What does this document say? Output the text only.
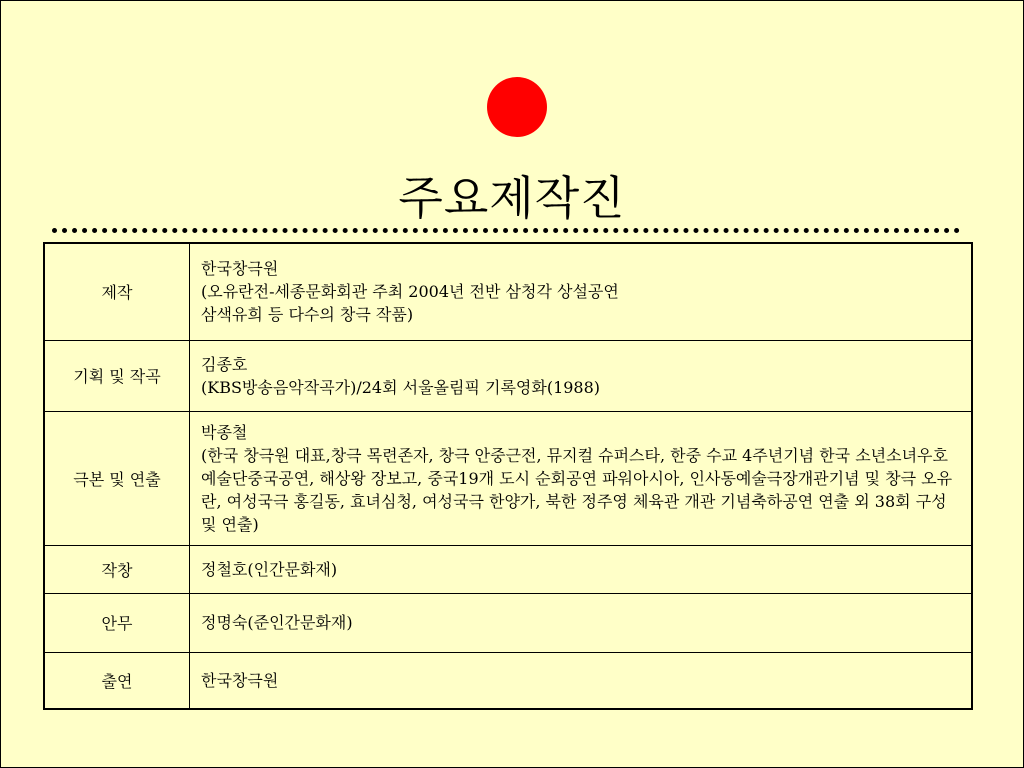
주요제작진
제작	한국창극원
(오유란전-세종문화회관 주최 2004년 전반 삼청각 상설공연
삼색유희 등 다수의 창극 작품)

기획 및 작곡	김종호
(KBS방송음악작곡가)/24회 서울올림픽 기록영화(1988)

극본 및 연출	박종철
(한국 창극원 대표,창극 목련존자, 창극 안중근전, 뮤지컬 슈퍼스타, 한중 수교 4주년기념 한국 소년소녀우호예술단중국공연, 해상왕 장보고, 중국19개 도시 순회공연 파워아시아, 인사동예술극장개관기념 및 창극 오유란, 여성국극 홍길동, 효녀심청, 여성국극 한양가, 북한 정주영 체육관 개관 기념축하공연 연출 외 38회 구성 및 연출)

작창	정철호(인간문화재)

안무	정명숙(준인간문화재)

출연	한국창극원
